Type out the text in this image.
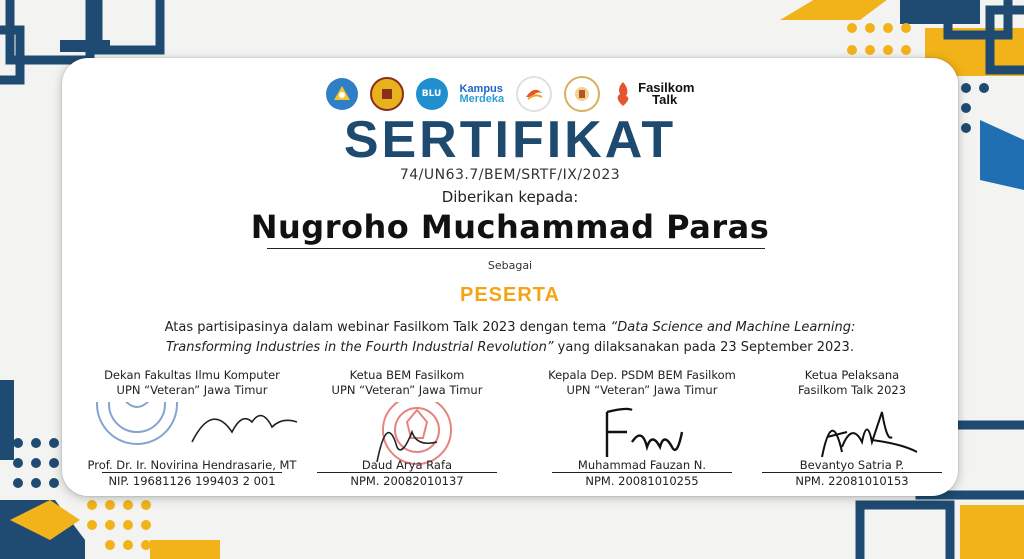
BLU Kampus
Merdeka
Fasilkom
Talk
SERTIFIKAT
74/UN63.7/BEM/SRTF/IX/2023
Diberikan kepada:
Nugroho Muchammad Paras
Sebagai
PESERTA
Atas partisipasinya dalam webinar Fasilkom Talk 2023 dengan tema “Data Science and Machine Learning:
Transforming Industries in the Fourth Industrial Revolution” yang dilaksanakan pada 23 September 2023.
Dekan Fakultas Ilmu Komputer
UPN “Veteran” Jawa Timur
Prof. Dr. Ir. Novirina Hendrasarie, MT
NIP. 19681126 199403 2 001
Ketua BEM Fasilkom
UPN “Veteran” Jawa Timur
Daud Arya Rafa
NPM. 20082010137
Kepala Dep. PSDM BEM Fasilkom
UPN “Veteran” Jawa Timur
Muhammad Fauzan N.
NPM. 20081010255
Ketua Pelaksana
Fasilkom Talk 2023
Bevantyo Satria P.
NPM. 22081010153
